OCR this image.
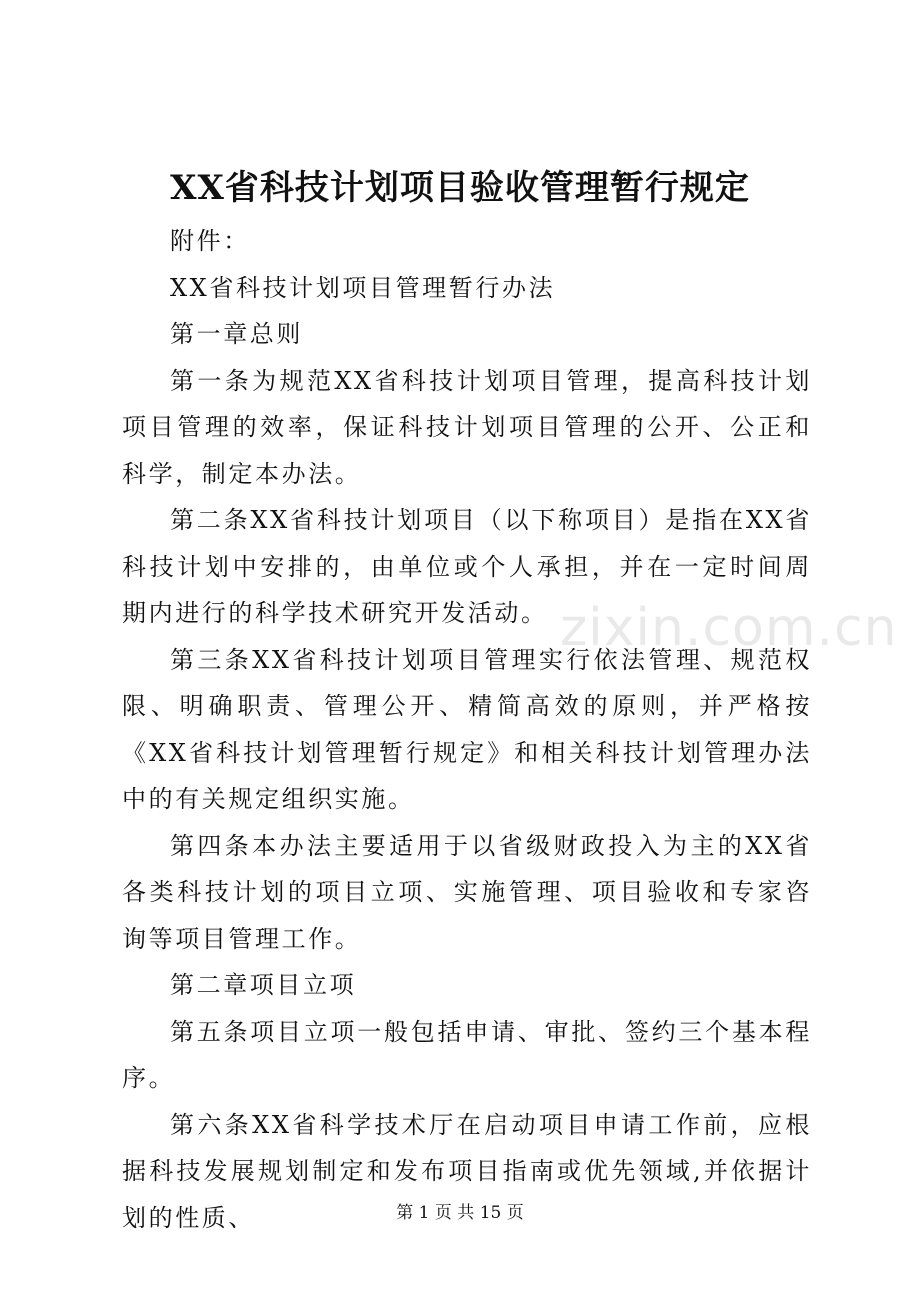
XX省科技计划项目验收管理暂行规定

附件：

XX省科技计划项目管理暂行办法

第一章总则

第一条为规范XX省科技计划项目管理，提高科技计划项目管理的效率，保证科技计划项目管理的公开、公正和科学，制定本办法。

第二条XX省科技计划项目（以下称项目）是指在XX省科技计划中安排的，由单位或个人承担，并在一定时间周期内进行的科学技术研究开发活动。

第三条XX省科技计划项目管理实行依法管理、规范权限、明确职责、管理公开、精简高效的原则，并严格按《XX省科技计划管理暂行规定》和相关科技计划管理办法中的有关规定组织实施。

第四条本办法主要适用于以省级财政投入为主的XX省各类科技计划的项目立项、实施管理、项目验收和专家咨询等项目管理工作。

第二章项目立项

第五条项目立项一般包括申请、审批、签约三个基本程序。

第六条XX省科学技术厅在启动项目申请工作前，应根据科技发展规划制定和发布项目指南或优先领域,并依据计划的性质、

zixin.com.cn
第 1 页 共 15 页
